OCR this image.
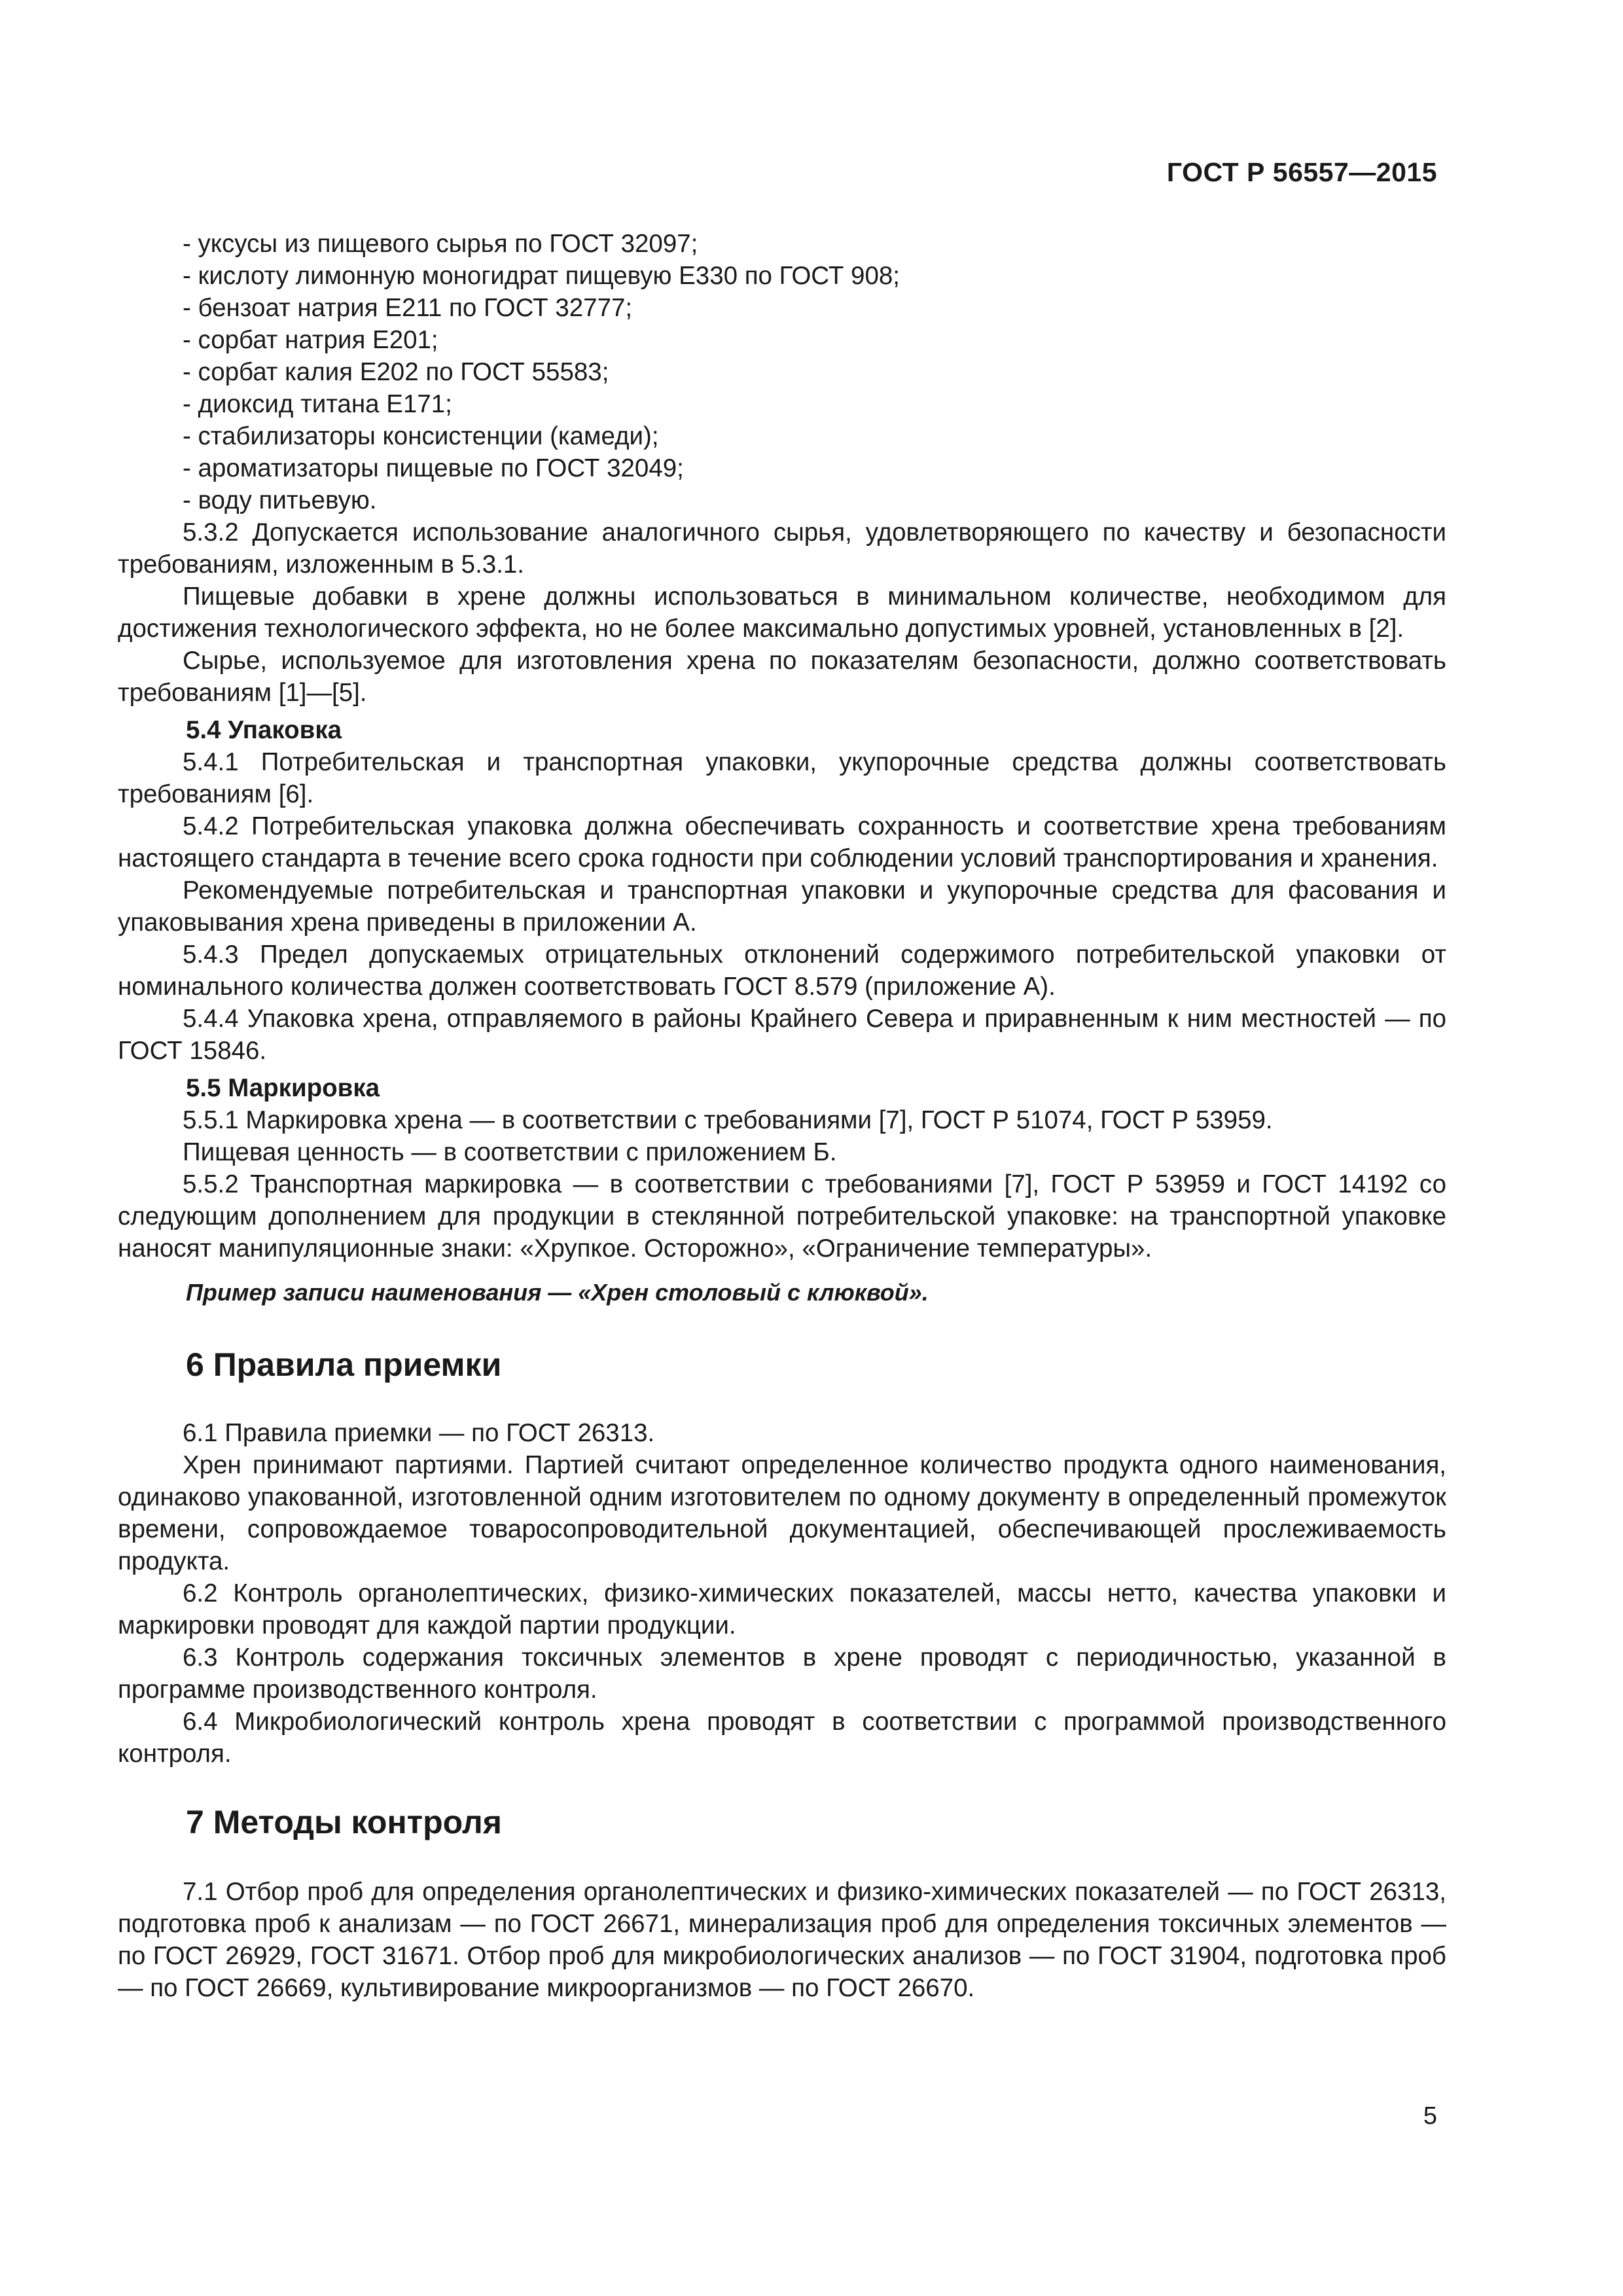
ГОСТ Р 56557—2015
- уксусы из пищевого сырья по ГОСТ 32097;
- кислоту лимонную моногидрат пищевую Е330 по ГОСТ 908;
- бензоат натрия Е211 по ГОСТ 32777;
- сорбат натрия Е201;
- сорбат калия Е202 по ГОСТ 55583;
- диоксид титана Е171;
- стабилизаторы консистенции (камеди);
- ароматизаторы пищевые по ГОСТ 32049;
- воду питьевую.

5.3.2 Допускается использование аналогичного сырья, удовлетворяющего по качеству и безопасности требованиям, изложенным в 5.3.1.

Пищевые добавки в хрене должны использоваться в минимальном количестве, необходимом для достижения технологического эффекта, но не более максимально допустимых уровней, установленных в [2].

Сырье, используемое для изготовления хрена по показателям безопасности, должно соответствовать требованиям [1]—[5].

5.4 Упаковка

5.4.1 Потребительская и транспортная упаковки, укупорочные средства должны соответствовать требованиям [6].

5.4.2 Потребительская упаковка должна обеспечивать сохранность и соответствие хрена требованиям настоящего стандарта в течение всего срока годности при соблюдении условий транспортирования и хранения.

Рекомендуемые потребительская и транспортная упаковки и укупорочные средства для фасования и упаковывания хрена приведены в приложении А.

5.4.3 Предел допускаемых отрицательных отклонений содержимого потребительской упаковки от номинального количества должен соответствовать ГОСТ 8.579 (приложение А).

5.4.4 Упаковка хрена, отправляемого в районы Крайнего Севера и приравненным к ним местностей — по ГОСТ 15846.

5.5 Маркировка

5.5.1 Маркировка хрена — в соответствии с требованиями [7], ГОСТ Р 51074, ГОСТ Р 53959.

Пищевая ценность — в соответствии с приложением Б.

5.5.2 Транспортная маркировка — в соответствии с требованиями [7], ГОСТ Р 53959 и ГОСТ 14192 со следующим дополнением для продукции в стеклянной потребительской упаковке: на транспортной упаковке наносят манипуляционные знаки: «Хрупкое. Осторожно», «Ограничение температуры».

Пример записи наименования — «Хрен столовый с клюквой».
6 Правила приемки

6.1 Правила приемки — по ГОСТ 26313.

Хрен принимают партиями. Партией считают определенное количество продукта одного наименования, одинаково упакованной, изготовленной одним изготовителем по одному документу в определенный промежуток времени, сопровождаемое товаросопроводительной документацией, обеспечивающей прослеживаемость продукта.

6.2 Контроль органолептических, физико-химических показателей, массы нетто, качества упаковки и маркировки проводят для каждой партии продукции.

6.3 Контроль содержания токсичных элементов в хрене проводят с периодичностью, указанной в программе производственного контроля.

6.4 Микробиологический контроль хрена проводят в соответствии с программой производственного контроля.

7 Методы контроля

7.1 Отбор проб для определения органолептических и физико-химических показателей — по ГОСТ 26313, подготовка проб к анализам — по ГОСТ 26671, минерализация проб для определения токсичных элементов — по ГОСТ 26929, ГОСТ 31671. Отбор проб для микробиологических анализов — по ГОСТ 31904, подготовка проб — по ГОСТ 26669, культивирование микроорганизмов — по ГОСТ 26670.

5
